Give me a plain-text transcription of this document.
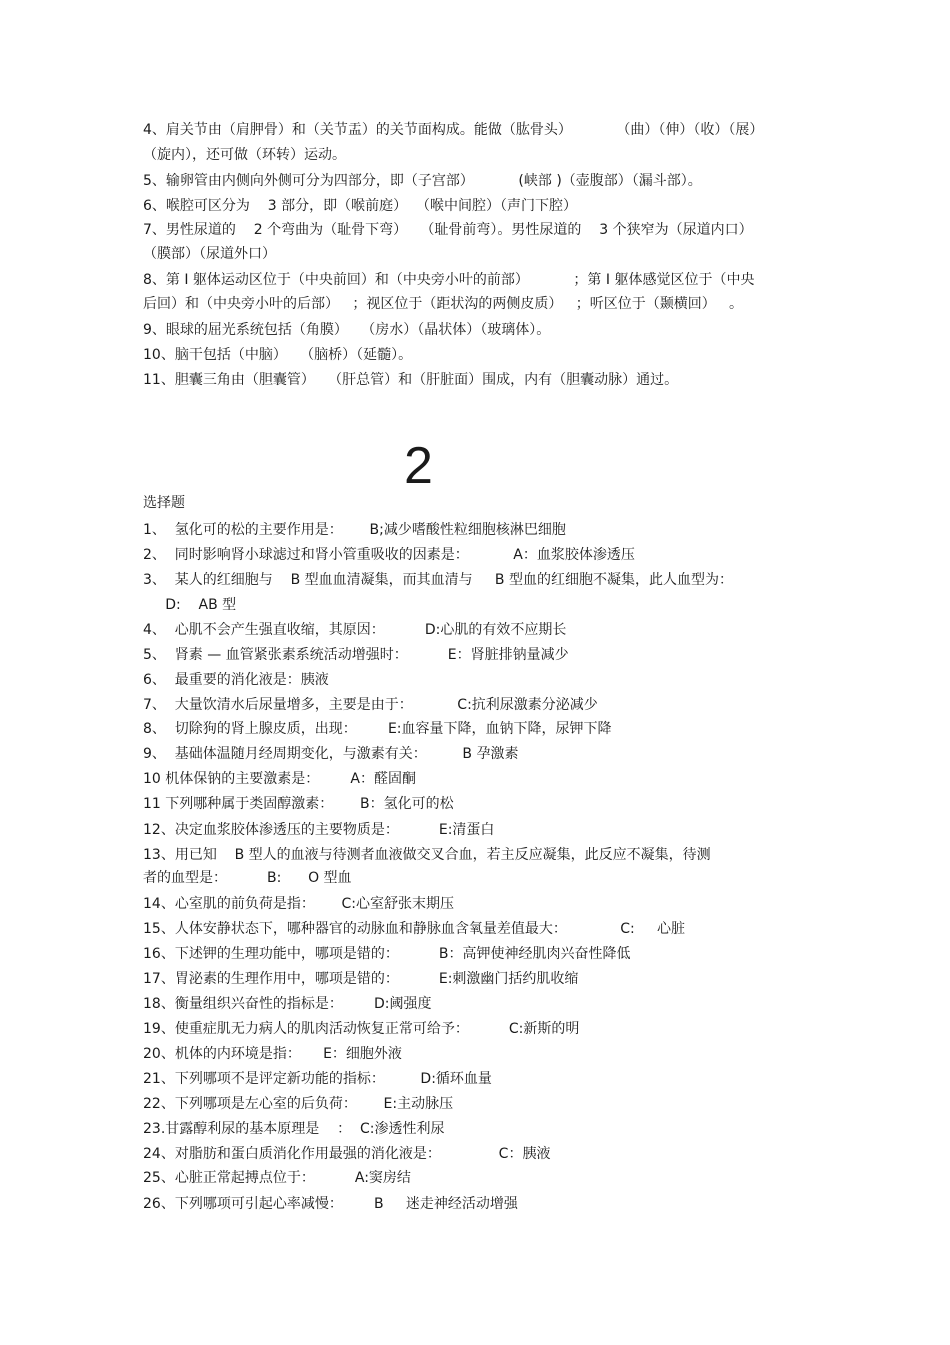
4、肩关节由（肩胛骨）和（关节盂）的关节面构成。能做（肱骨头）          （曲）（伸）（收）（展）
（旋内），还可做（环转）运动。
5、输卵管由内侧向外侧可分为四部分，即（子宫部）          (峡部 )（壶腹部）（漏斗部）。
6、喉腔可区分为    3 部分，即（喉前庭）  （喉中间腔）（声门下腔）
7、男性尿道的    2 个弯曲为（耻骨下弯）   （耻骨前弯）。男性尿道的    3 个狭窄为（尿道内口）
（膜部）（尿道外口）
8、第 I 躯体运动区位于（中央前回）和（中央旁小叶的前部）          ；第 I 躯体感觉区位于（中央
后回）和（中央旁小叶的后部）   ；视区位于（距状沟的两侧皮质）   ；听区位于（颞横回）   。
9、眼球的屈光系统包括（角膜）   （房水）（晶状体）（玻璃体）。
10、脑干包括（中脑）   （脑桥）（延髓）。
11、胆囊三角由（胆囊管）   （肝总管）和（肝脏面）围成，内有（胆囊动脉）通过。
2
选择题
1、  氢化可的松的主要作用是：      B;减少嗜酸性粒细胞核淋巴细胞
2、  同时影响肾小球滤过和肾小管重吸收的因素是：          A：血浆胶体渗透压
3、  某人的红细胞与    B 型血血清凝集，而其血清与     B 型血的红细胞不凝集，此人血型为：
D:    AB 型
4、  心肌不会产生强直收缩，其原因：         D:心肌的有效不应期长
5、  肾素 — 血管紧张素系统活动增强时：         E：肾脏排钠量减少
6、  最重要的消化液是：胰液
7、  大量饮清水后尿量增多，主要是由于：          C:抗利尿激素分泌减少
8、  切除狗的肾上腺皮质，出现：       E:血容量下降，血钠下降，尿钾下降
9、  基础体温随月经周期变化，与激素有关：        B 孕激素
10 机体保钠的主要激素是：       A：醛固酮
11 下列哪种属于类固醇激素：      B：氢化可的松
12、决定血浆胶体渗透压的主要物质是：         E:清蛋白
13、用已知    B 型人的血液与待测者血液做交叉合血，若主反应凝集，此反应不凝集，待测
者的血型是：         B:      O 型血
14、心室肌的前负荷是指：      C:心室舒张末期压
15、人体安静状态下，哪种器官的动脉血和静脉血含氧量差值最大：            C:     心脏
16、下述钾的生理功能中，哪项是错的：         B：高钾使神经肌肉兴奋性降低
17、胃泌素的生理作用中，哪项是错的：         E:刺激幽门括约肌收缩
18、衡量组织兴奋性的指标是：       D:阈强度
19、使重症肌无力病人的肌肉活动恢复正常可给予：         C:新斯的明
20、机体的内环境是指：     E：细胞外液
21、下列哪项不是评定新功能的指标：        D:循环血量
22、下列哪项是左心室的后负荷：      E:主动脉压
23.甘露醇利尿的基本原理是    ：  C:渗透性利尿
24、对脂肪和蛋白质消化作用最强的消化液是：             C：胰液
25、心脏正常起搏点位于：         A:窦房结
26、下列哪项可引起心率减慢：       B     迷走神经活动增强
